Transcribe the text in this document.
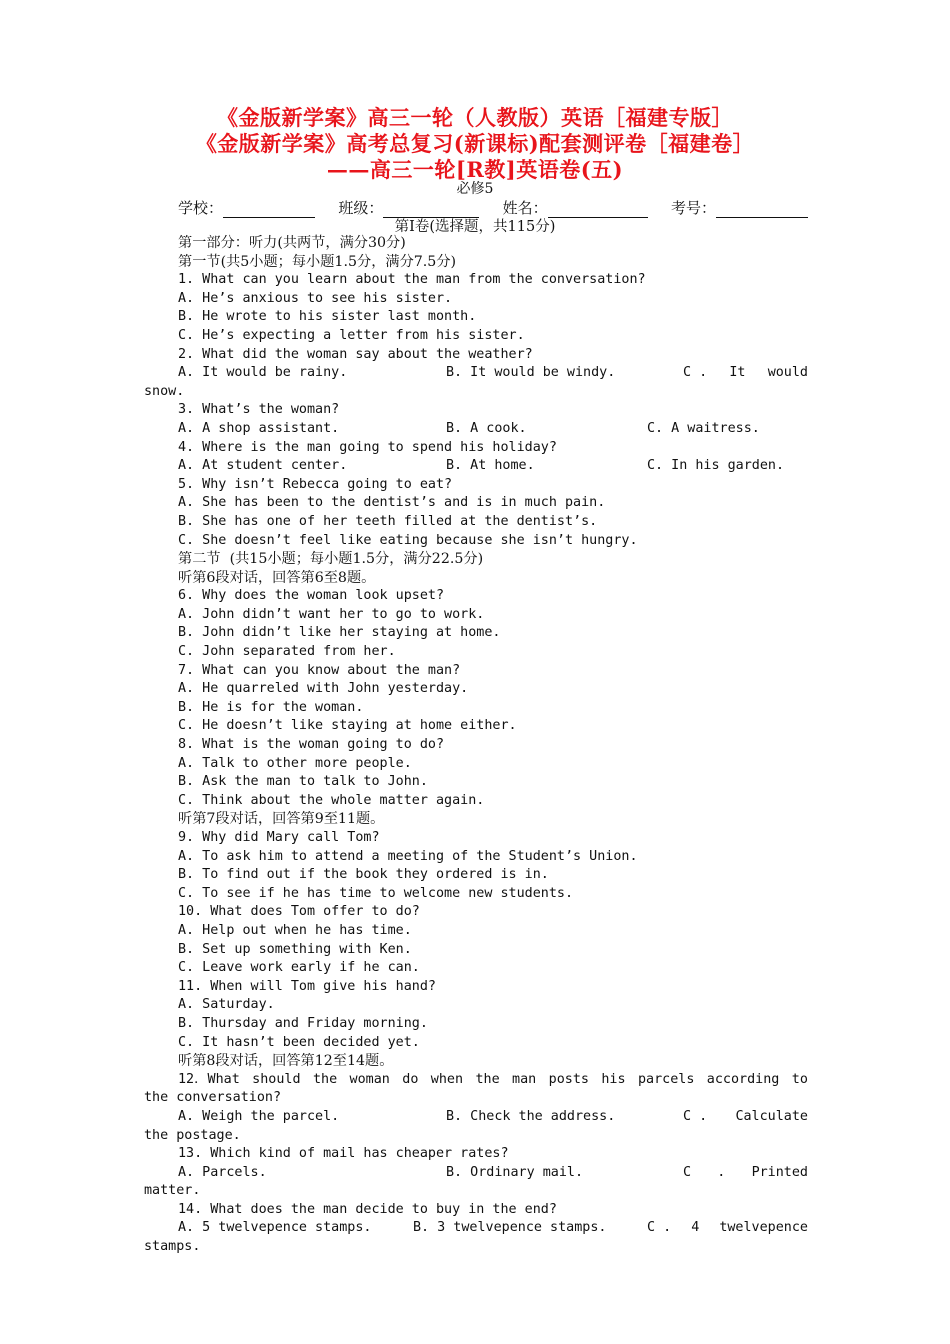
《金版新学案》高三一轮（人教版）英语［福建专版］
《金版新学案》高考总复习(新课标)配套测评卷［福建卷］
——高三一轮[R教]英语卷(五)
必修5
学校：	班级：	姓名：	考号：
第Ⅰ卷(选择题，共115分)
第一部分：听力(共两节，满分30分)
第一节(共5小题；每小题1.5分，满分7.5分)
1. What can you learn about the man from the conversation?
A. He’s anxious to see his sister.
B. He wrote to his sister last month.
C. He’s expecting a letter from his sister.
2. What did the woman say about the weather?
A. It would be rainy.	B. It would be windy.	C . It would
snow.
3. What’s the woman?
A. A shop assistant.	B. A cook.	C. A waitress.
4. Where is the man going to spend his holiday?
A. At student center.	B. At home.	C. In his garden.
5. Why isn’t Rebecca going to eat?
A. She has been to the dentist’s and is in much pain.
B. She has one of her teeth filled at the dentist’s.
C. She doesn’t feel like eating because she isn’t hungry.
第二节  (共15小题；每小题1.5分，满分22.5分)
听第6段对话，回答第6至8题。
6. Why does the woman look upset?
A. John didn’t want her to go to work.
B. John didn’t like her staying at home.
C. John separated from her.
7. What can you know about the man?
A. He quarreled with John yesterday.
B. He is for the woman.
C. He doesn’t like staying at home either.
8. What is the woman going to do?
A. Talk to other more people.
B. Ask the man to talk to John.
C. Think about the whole matter again.
听第7段对话，回答第9至11题。
9. Why did Mary call Tom?
A. To ask him to attend a meeting of the Student’s Union.
B. To find out if the book they ordered is in.
C. To see if he has time to welcome new students.
10. What does Tom offer to do?
A. Help out when he has time.
B. Set up something with Ken.
C. Leave work early if he can.
11. When will Tom give his hand?
A. Saturday.
B. Thursday and Friday morning.
C. It hasn’t been decided yet.
听第8段对话，回答第12至14题。
12．What should the woman do when the man posts his parcels according to
the conversation?
A. Weigh the parcel.	B. Check the address.	C . Calculate
the postage.
13. Which kind of mail has cheaper rates?
A. Parcels.	B. Ordinary mail.	C . Printed
matter.
14. What does the man decide to buy in the end?
A. 5 twelvepence stamps.	B. 3 twelvepence stamps.	C . 4 twelvepence
stamps.
